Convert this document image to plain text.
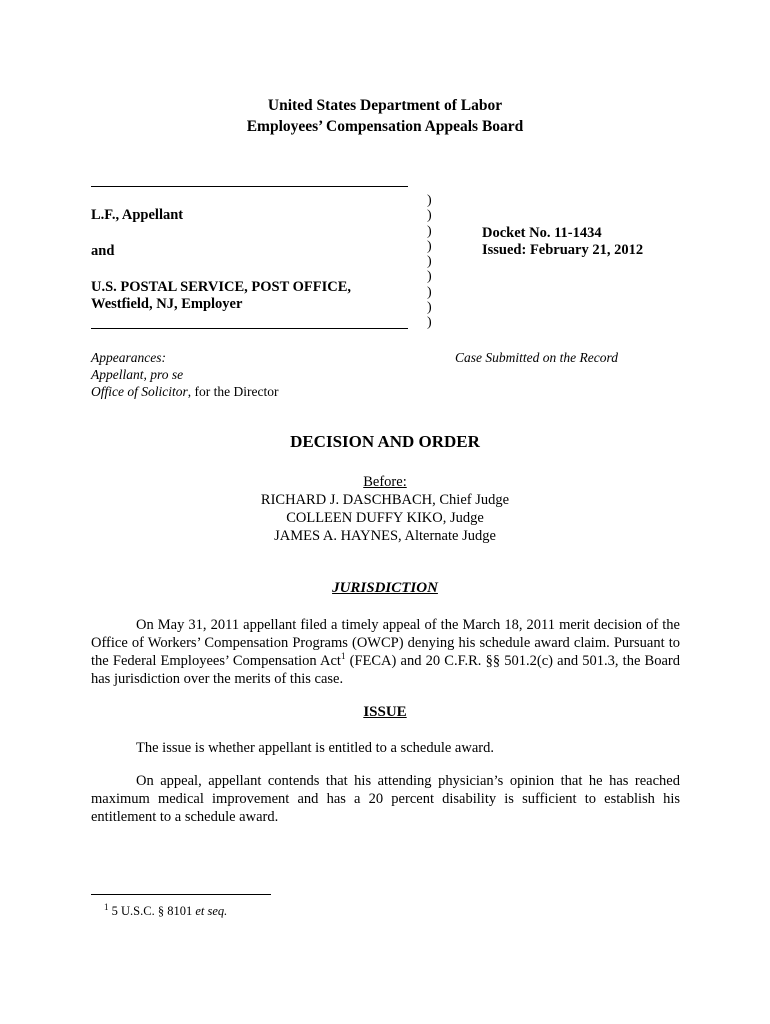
United States Department of Labor
Employees’ Compensation Appeals Board
L.F., Appellant
and
U.S. POSTAL SERVICE, POST OFFICE,
Westfield, NJ, Employer
)
)
)
)
)
)
)
)
)
Docket No. 11-1434
Issued: February 21, 2012
Appearances:
Appellant, pro se
Office of Solicitor, for the Director
Case Submitted on the Record
DECISION AND ORDER
Before:
RICHARD J. DASCHBACH, Chief Judge
COLLEEN DUFFY KIKO, Judge
JAMES A. HAYNES, Alternate Judge
JURISDICTION
On May 31, 2011 appellant filed a timely appeal of the March 18, 2011 merit decision of the Office of Workers’ Compensation Programs (OWCP) denying his schedule award claim. Pursuant to the Federal Employees’ Compensation Act$^1$ (FECA) and 20 C.F.R. §§ 501.2(c) and 501.3, the Board has jurisdiction over the merits of this case.
ISSUE
The issue is whether appellant is entitled to a schedule award.
On appeal, appellant contends that his attending physician’s opinion that he has reached maximum medical improvement and has a 20 percent disability is sufficient to establish his entitlement to a schedule award.
$^1$ 5 U.S.C. § 8101 et seq.
